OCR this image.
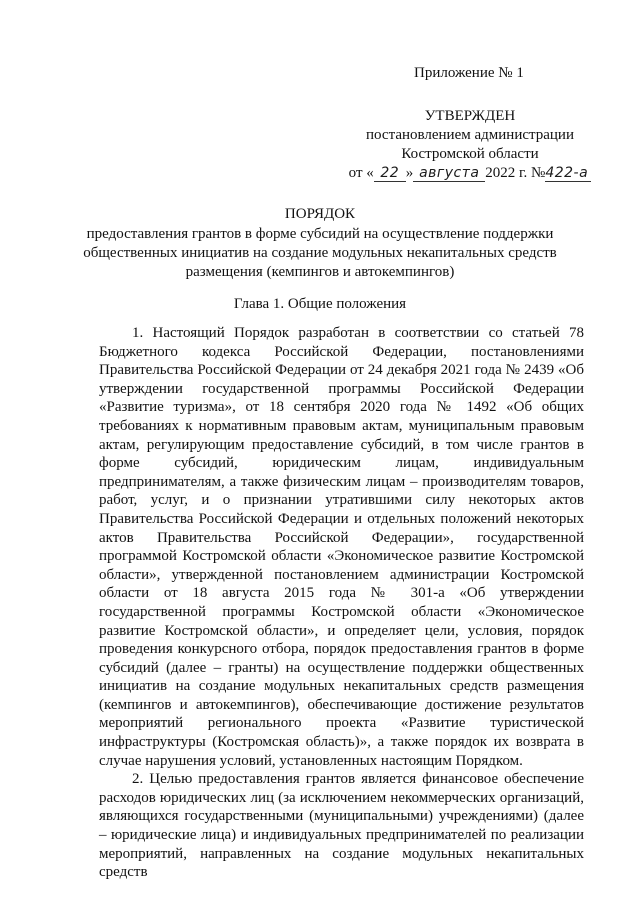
Приложение № 1
УТВЕРЖДЕН
постановлением администрации
Костромской области
от « 22 » августа 2022 г. №422-а
ПОРЯДОК
предоставления грантов в форме субсидий на осуществление поддержки общественных инициатив на создание модульных некапитальных средств размещения (кемпингов и автокемпингов)
Глава 1. Общие положения

1. Настоящий Порядок разработан в соответствии со статьей 78 Бюджетного кодекса Российской Федерации, постановлениями Правительства Российской Федерации от 24 декабря 2021 года № 2439 «Об утверждении государственной программы Российской Федерации «Развитие туризма», от 18 сентября 2020 года № 1492 «Об общих требованиях к нормативным правовым актам, муниципальным правовым актам, регулирующим предоставление субсидий, в том числе грантов в форме субсидий, юридическим лицам, индивидуальным предпринимателям, а также физическим лицам – производителям товаров, работ, услуг, и о признании утратившими силу некоторых актов Правительства Российской Федерации и отдельных положений некоторых актов Правительства Российской Федерации», государственной программой Костромской области «Экономическое развитие Костромской области», утвержденной постановлением администрации Костромской области от 18 августа 2015 года № 301-а «Об утверждении государственной программы Костромской области «Экономическое развитие Костромской области», и определяет цели, условия, порядок проведения конкурсного отбора, порядок предоставления грантов в форме субсидий (далее – гранты) на осуществление поддержки общественных инициатив на создание модульных некапитальных средств размещения (кемпингов и автокемпингов), обеспечивающие достижение результатов мероприятий регионального проекта «Развитие туристической инфраструктуры (Костромская область)», а также порядок их возврата в случае нарушения условий, установленных настоящим Порядком.

2. Целью предоставления грантов является финансовое обеспечение расходов юридических лиц (за исключением некоммерческих организаций, являющихся государственными (муниципальными) учреждениями) (далее – юридические лица) и индивидуальных предпринимателей по реализации мероприятий, направленных на создание модульных некапитальных средств
